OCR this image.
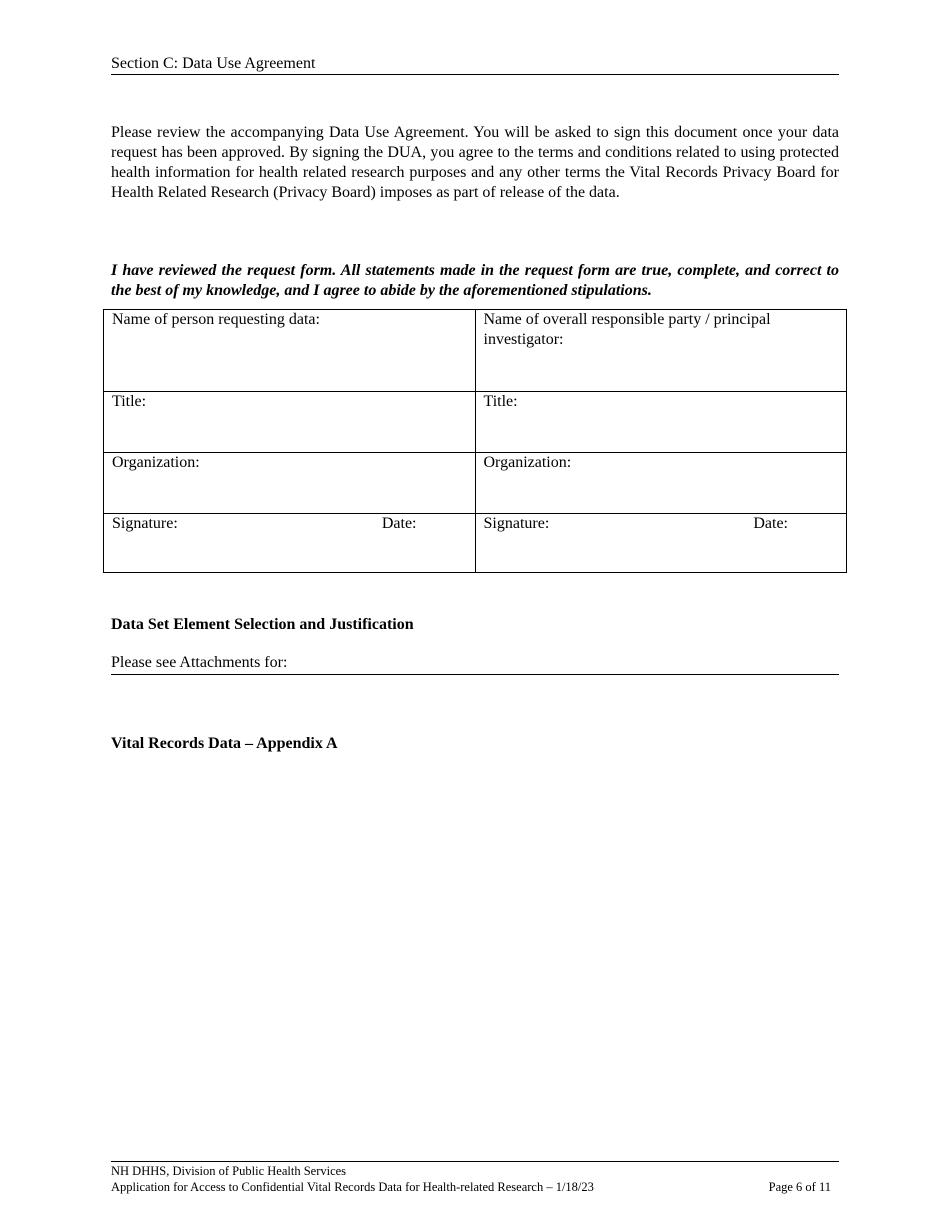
Section C: Data Use Agreement

Please review the accompanying Data Use Agreement. You will be asked to sign this document once your data request has been approved. By signing the DUA, you agree to the terms and conditions related to using protected health information for health related research purposes and any other terms the Vital Records Privacy Board for Health Related Research (Privacy Board) imposes as part of release of the data.

I have reviewed the request form. All statements made in the request form are true, complete, and correct to the best of my knowledge, and I agree to abide by the aforementioned stipulations.

Name of person requesting data:	Name of overall responsible party / principal investigator:
Title:	Title:
Organization:	Organization:

Signature: Date:	Signature: Date:
Data Set Element Selection and Justification
Please see Attachments for:
Vital Records Data – Appendix A
NH DHHS, Division of Public Health Services
Application for Access to Confidential Vital Records Data for Health-related Research – 1/18/23	Page 6 of 11
